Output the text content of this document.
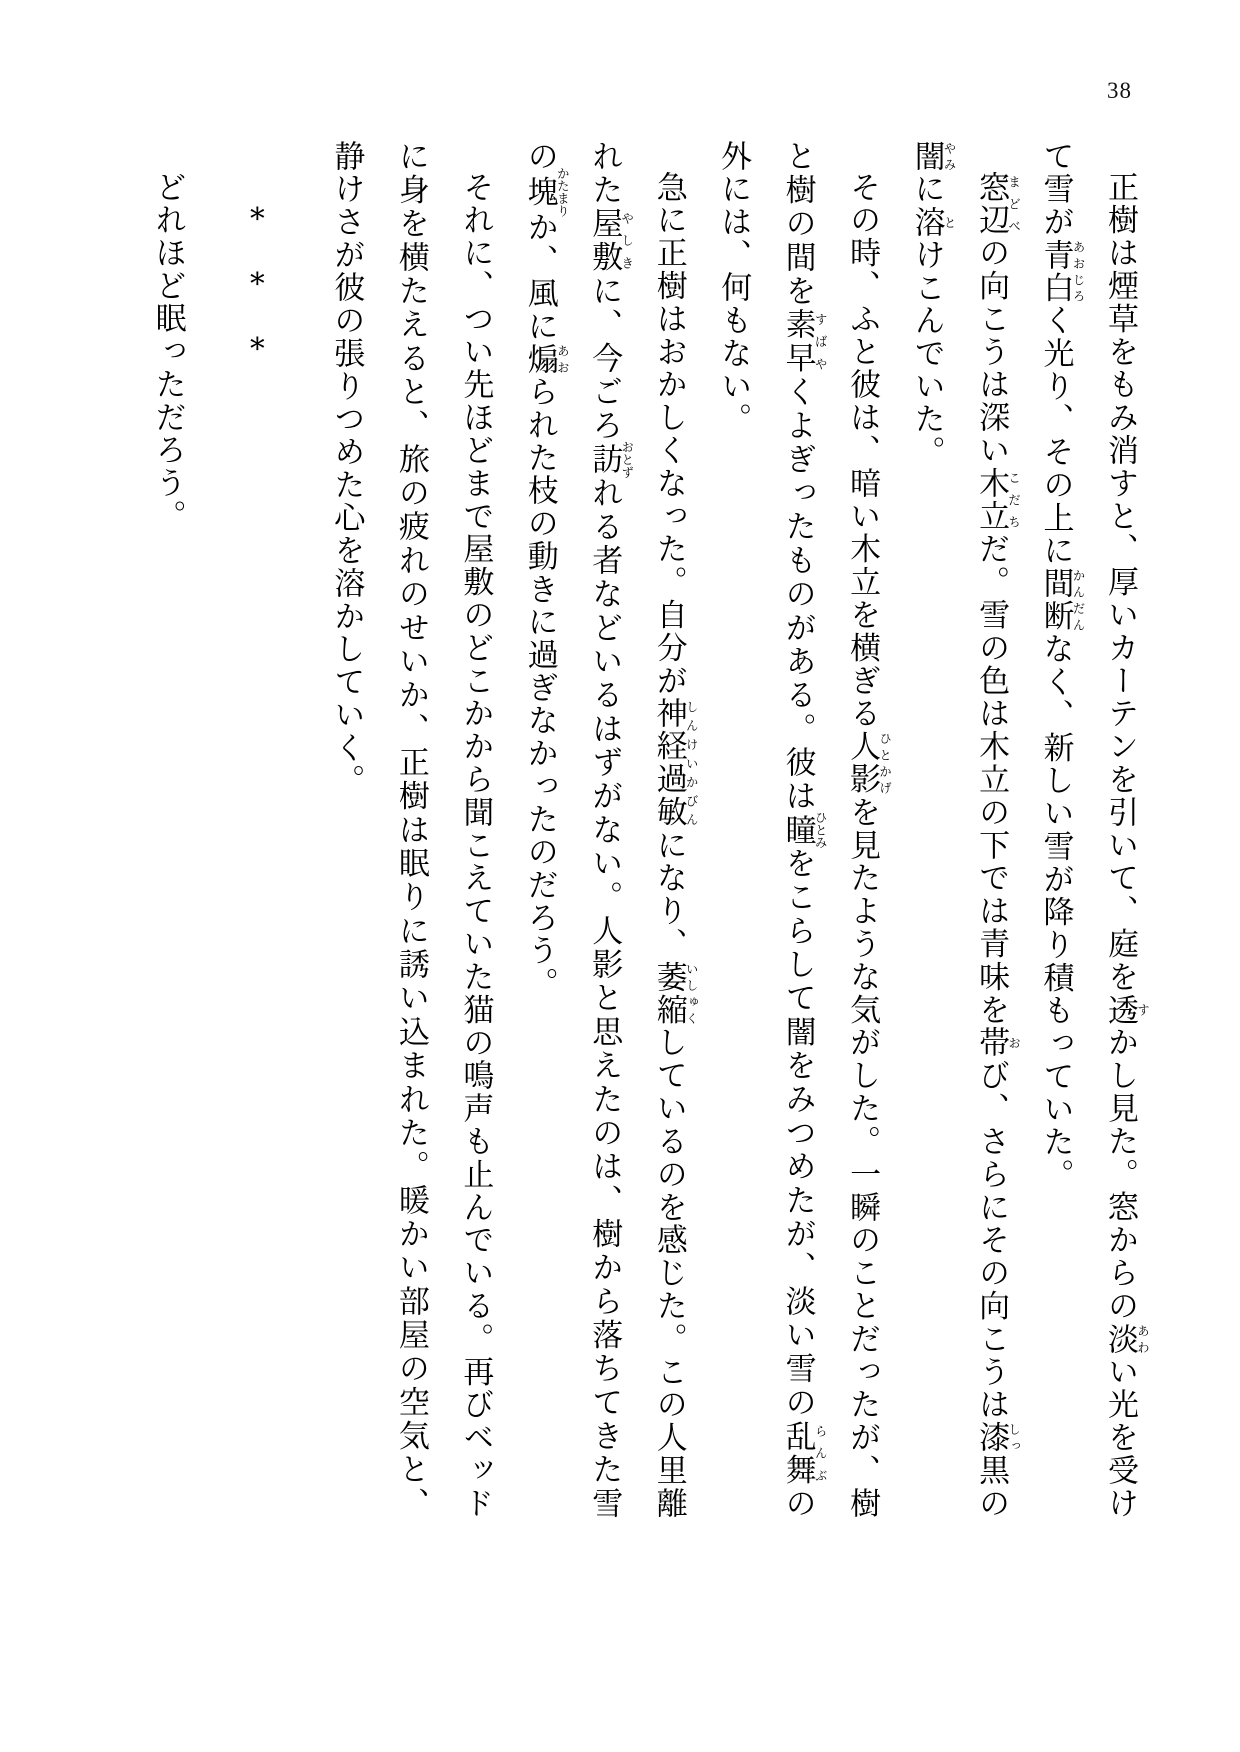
38

正樹は煙草をもみ消すと、厚いカーテンを引いて、庭を透すかし見た。窓からの淡あわい光を受けて雪が青白あおじろく光り、その上に間断かんだんなく、新しい雪が降り積もっていた。

窓辺まどべの向こうは深い木立こだちだ。雪の色は木立の下では青味を帯おび、さらにその向こうは漆しっ黒の闇やみに溶とけこんでいた。

その時、ふと彼は、暗い木立を横ぎる人影ひとかげを見たような気がした。一瞬のことだったが、樹と樹の間を素早すばやくよぎったものがある。彼は瞳ひとみをこらして闇をみつめたが、淡い雪の乱舞らんぶの外には、何もない。

急に正樹はおかしくなった。自分が神経過敏しんけいかびんになり、萎縮いしゅくしているのを感じた。この人里離れた屋敷やしきに、今ごろ訪おとずれる者などいるはずがない。人影と思えたのは、樹から落ちてきた雪の塊かたまりか、風に煽あおられた枝の動きに過ぎなかったのだろう。

それに、つい先ほどまで屋敷のどこかから聞こえていた猫の鳴声も止んでいる。再びベッドに身を横たえると、旅の疲れのせいか、正樹は眠りに誘い込まれた。暖かい部屋の空気と、静けさが彼の張りつめた心を溶かしていく。

***

どれほど眠っただろう。
